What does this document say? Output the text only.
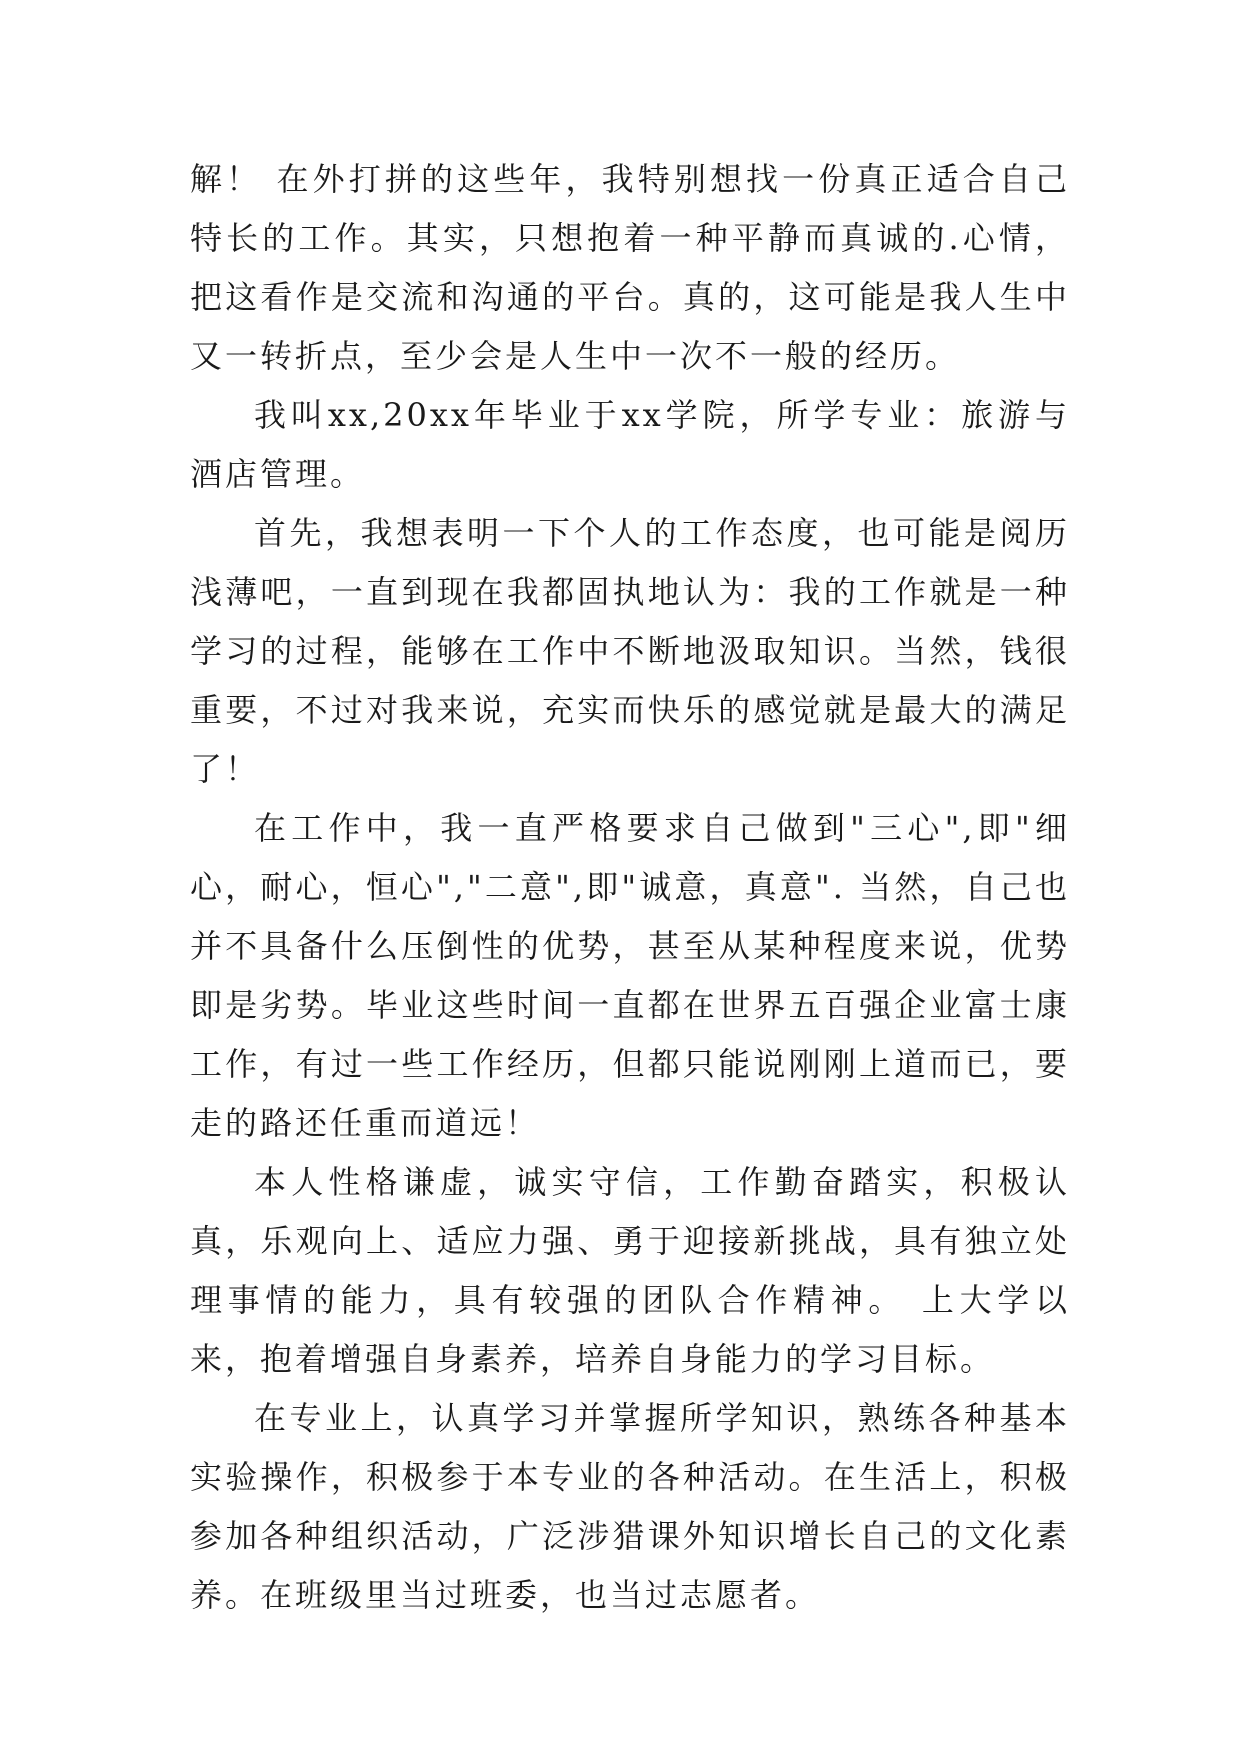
解！ 在外打拼的这些年，我特别想找一份真正适合自己特长的工作。其实，只想抱着一种平静而真诚的.心情，把这看作是交流和沟通的平台。真的，这可能是我人生中又一转折点，至少会是人生中一次不一般的经历。

我叫xx,20xx年毕业于xx学院，所学专业：旅游与酒店管理。

首先，我想表明一下个人的工作态度，也可能是阅历浅薄吧，一直到现在我都固执地认为：我的工作就是一种学习的过程，能够在工作中不断地汲取知识。当然，钱很重要，不过对我来说，充实而快乐的感觉就是最大的满足了！

在工作中，我一直严格要求自己做到"三心",即"细心，耐心，恒心","二意",即"诚意，真意". 当然，自己也并不具备什么压倒性的优势，甚至从某种程度来说，优势即是劣势。毕业这些时间一直都在世界五百强企业富士康工作，有过一些工作经历，但都只能说刚刚上道而已，要走的路还任重而道远！

本人性格谦虚，诚实守信，工作勤奋踏实，积极认真，乐观向上、适应力强、勇于迎接新挑战，具有独立处理事情的能力，具有较强的团队合作精神。 上大学以来，抱着增强自身素养，培养自身能力的学习目标。

在专业上，认真学习并掌握所学知识，熟练各种基本实验操作，积极参于本专业的各种活动。在生活上，积极参加各种组织活动，广泛涉猎课外知识增长自己的文化素养。在班级里当过班委，也当过志愿者。
